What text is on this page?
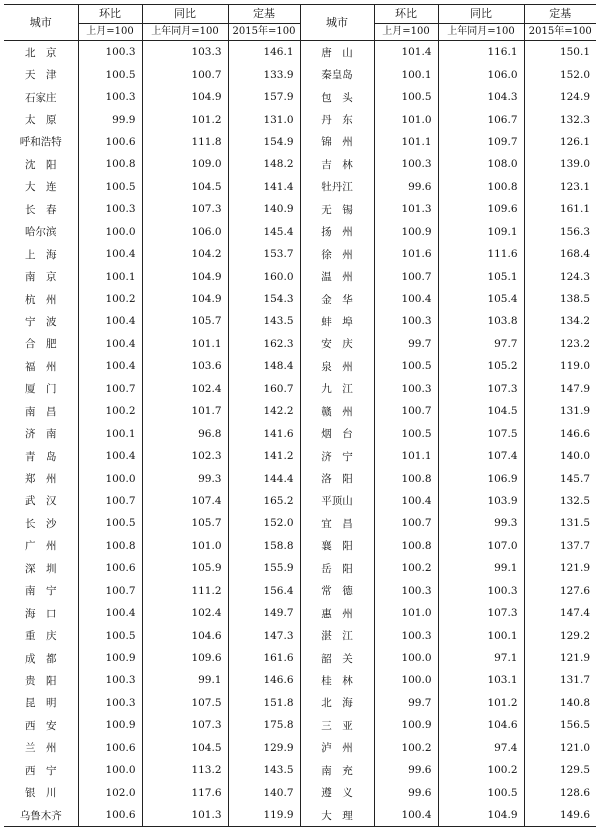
城市	环比	同比	定基	城市	环比	同比	定基
	上月=100	上年同月=100	2015年=100		上月=100	上年同月=100	2015年=100
北　京	100.3	103.3	146.1	唐　山	101.4	116.1	150.1
天　津	100.5	100.7	133.9	秦皇岛	100.1	106.0	152.0
石家庄	100.3	104.9	157.9	包　头	100.5	104.3	124.9
太　原	99.9	101.2	131.0	丹　东	101.0	106.7	132.3
呼和浩特	100.6	111.8	154.9	锦　州	101.1	109.7	126.1
沈　阳	100.8	109.0	148.2	吉　林	100.3	108.0	139.0
大　连	100.5	104.5	141.4	牡丹江	99.6	100.8	123.1
长　春	100.3	107.3	140.9	无　锡	101.3	109.6	161.1
哈尔滨	100.0	106.0	145.4	扬　州	100.9	109.1	156.3
上　海	100.4	104.2	153.7	徐　州	101.6	111.6	168.4
南　京	100.1	104.9	160.0	温　州	100.7	105.1	124.3
杭　州	100.2	104.9	154.3	金　华	100.4	105.4	138.5
宁　波	100.4	105.7	143.5	蚌　埠	100.3	103.8	134.2
合　肥	100.4	101.1	162.3	安　庆	99.7	97.7	123.2
福　州	100.4	103.6	148.4	泉　州	100.5	105.2	119.0
厦　门	100.7	102.4	160.7	九　江	100.3	107.3	147.9
南　昌	100.2	101.7	142.2	赣　州	100.7	104.5	131.9
济　南	100.1	96.8	141.6	烟　台	100.5	107.5	146.6
青　岛	100.4	102.3	141.2	济　宁	101.1	107.4	140.0
郑　州	100.0	99.3	144.4	洛　阳	100.8	106.9	145.7
武　汉	100.7	107.4	165.2	平顶山	100.4	103.9	132.5
长　沙	100.5	105.7	152.0	宜　昌	100.7	99.3	131.5
广　州	100.8	101.0	158.8	襄　阳	100.8	107.0	137.7
深　圳	100.6	105.9	155.9	岳　阳	100.2	99.1	121.9
南　宁	100.7	111.2	156.4	常　德	100.3	100.3	127.6
海　口	100.4	102.4	149.7	惠　州	101.0	107.3	147.4
重　庆	100.5	104.6	147.3	湛　江	100.3	100.1	129.2
成　都	100.9	109.6	161.6	韶　关	100.0	97.1	121.9
贵　阳	100.3	99.1	146.6	桂　林	100.0	103.1	131.7
昆　明	100.3	107.5	151.8	北　海	99.7	101.2	140.8
西　安	100.9	107.3	175.8	三　亚	100.9	104.6	156.5
兰　州	100.6	104.5	129.9	泸　州	100.2	97.4	121.0
西　宁	100.0	113.2	143.5	南　充	99.6	100.2	129.5
银　川	102.0	117.6	140.7	遵　义	99.6	100.5	128.6
乌鲁木齐	100.6	101.3	119.9	大　理	100.4	104.9	149.6
